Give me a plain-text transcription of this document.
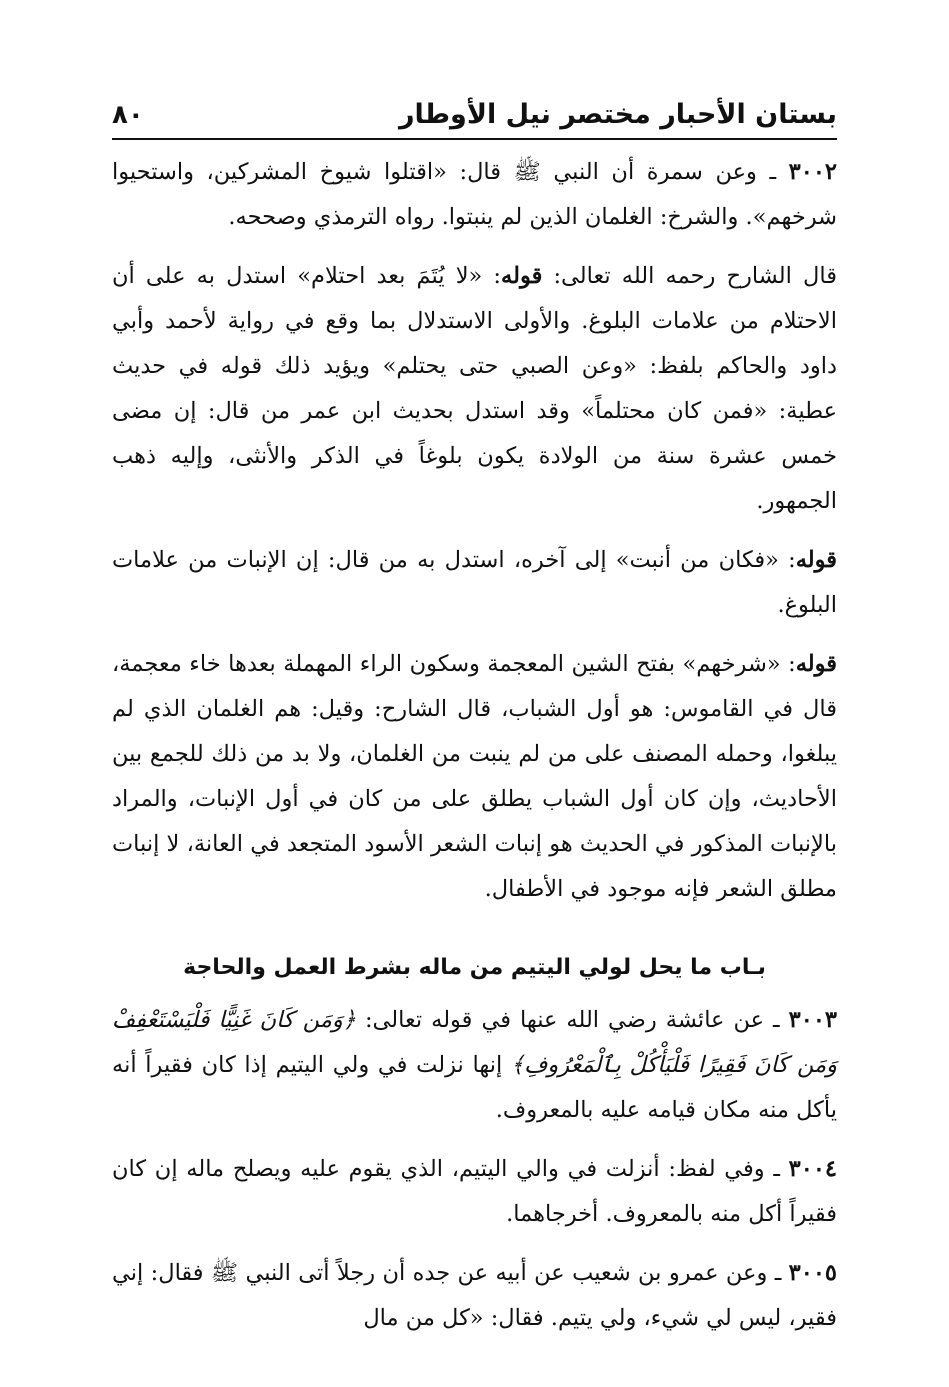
بستان الأحبار مختصر نيل الأوطار
٨٠

٣٠٠٢ ـ وعن سمرة أن النبي ﷺ قال: «اقتلوا شيوخ المشركين، واستحيوا شرخهم». والشرخ: الغلمان الذين لم ينبتوا. رواه الترمذي وصححه.

قال الشارح رحمه الله تعالى: قوله: «لا يُتَمَ بعد احتلام» استدل به على أن الاحتلام من علامات البلوغ. والأولى الاستدلال بما وقع في رواية لأحمد وأبي داود والحاكم بلفظ: «وعن الصبي حتى يحتلم» ويؤيد ذلك قوله في حديث عطية: «فمن كان محتلماً» وقد استدل بحديث ابن عمر من قال: إن مضى خمس عشرة سنة من الولادة يكون بلوغاً في الذكر والأنثى، وإليه ذهب الجمهور.

قوله: «فكان من أنبت» إلى آخره، استدل به من قال: إن الإنبات من علامات البلوغ.

قوله: «شرخهم» بفتح الشين المعجمة وسكون الراء المهملة بعدها خاء معجمة، قال في القاموس: هو أول الشباب، قال الشارح: وقيل: هم الغلمان الذي لم يبلغوا، وحمله المصنف على من لم ينبت من الغلمان، ولا بد من ذلك للجمع بين الأحاديث، وإن كان أول الشباب يطلق على من كان في أول الإنبات، والمراد بالإنبات المذكور في الحديث هو إنبات الشعر الأسود المتجعد في العانة، لا إنبات مطلق الشعر فإنه موجود في الأطفال.

بـاب ما يحل لولي اليتيم من ماله بشرط العمل والحاجة

٣٠٠٣ ـ عن عائشة رضي الله عنها في قوله تعالى: ﴿وَمَن كَانَ غَنِيًّا فَلْيَسْتَعْفِفْ وَمَن كَانَ فَقِيرًا فَلْيَأْكُلْ بِٱلْمَعْرُوفِ﴾ إنها نزلت في ولي اليتيم إذا كان فقيراً أنه يأكل منه مكان قيامه عليه بالمعروف.

٣٠٠٤ ـ وفي لفظ: أنزلت في والي اليتيم، الذي يقوم عليه ويصلح ماله إن كان فقيراً أكل منه بالمعروف. أخرجاهما.

٣٠٠٥ ـ وعن عمرو بن شعيب عن أبيه عن جده أن رجلاً أتى النبي ﷺ فقال: إني فقير، ليس لي شيء، ولي يتيم. فقال: «كل من مال
